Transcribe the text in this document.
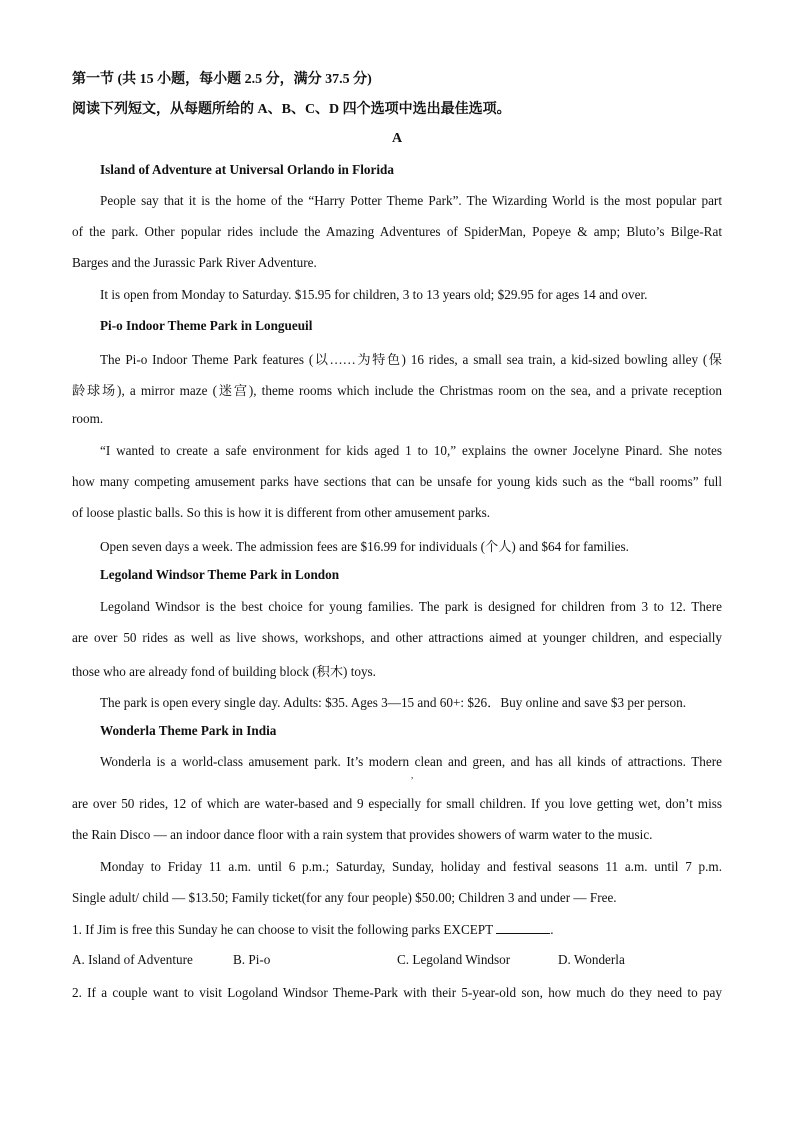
第一节 (共 15 小题，每小题 2.5 分，满分 37.5 分)
阅读下列短文，从每题所给的 A、B、C、D 四个选项中选出最佳选项。
A
Island of Adventure at Universal Orlando in Florida
People say that it is the home of the “Harry Potter Theme Park”. The Wizarding World is the most popular part
of the park. Other popular rides include the Amazing Adventures of SpiderMan, Popeye & amp; Bluto’s Bilge-Rat
Barges and the Jurassic Park River Adventure.
It is open from Monday to Saturday. $15.95 for children, 3 to 13 years old; $29.95 for ages 14 and over.
Pi-o Indoor Theme Park in Longueuil
The Pi-o Indoor Theme Park features (以……为特色) 16 rides, a small sea train, a kid-sized bowling alley (保
龄球场), a mirror maze (迷宫), theme rooms which include the Christmas room on the sea, and a private reception
room.
“I wanted to create a safe environment for kids aged 1 to 10,” explains the owner Jocelyne Pinard. She notes
how many competing amusement parks have sections that can be unsafe for young kids such as the “ball rooms” full
of loose plastic balls. So this is how it is different from other amusement parks.
Open seven days a week. The admission fees are $16.99 for individuals (个人) and $64 for families.
Legoland Windsor Theme Park in London
Legoland Windsor is the best choice for young families. The park is designed for children from 3 to 12. There
are over 50 rides as well as live shows, workshops, and other attractions aimed at younger children, and especially
those who are already fond of building block (积木) toys.
The park is open every single day. Adults: $35. Ages 3—15 and 60+: $26．Buy online and save $3 per person.
Wonderla Theme Park in India
Wonderla is a world-class amusement park. It’s modern clean and green, and has all kinds of attractions. There
,
are over 50 rides, 12 of which are water-based and 9 especially for small children. If you love getting wet, don’t miss
the Rain Disco — an indoor dance floor with a rain system that provides showers of warm water to the music.
Monday to Friday 11 a.m. until 6 p.m.; Saturday, Sunday, holiday and festival seasons 11 a.m. until 7 p.m.
Single adult/ child — $13.50; Family ticket(for any four people) $50.00; Children 3 and under — Free.
1. If Jim is free this Sunday he can choose to visit the following parks EXCEPT	.
A. Island of Adventure	B. Pi-o	C. Legoland Windsor	D. Wonderla
2. If a couple want to visit Logoland Windsor Theme-Park with their 5-year-old son, how much do they need to pay
